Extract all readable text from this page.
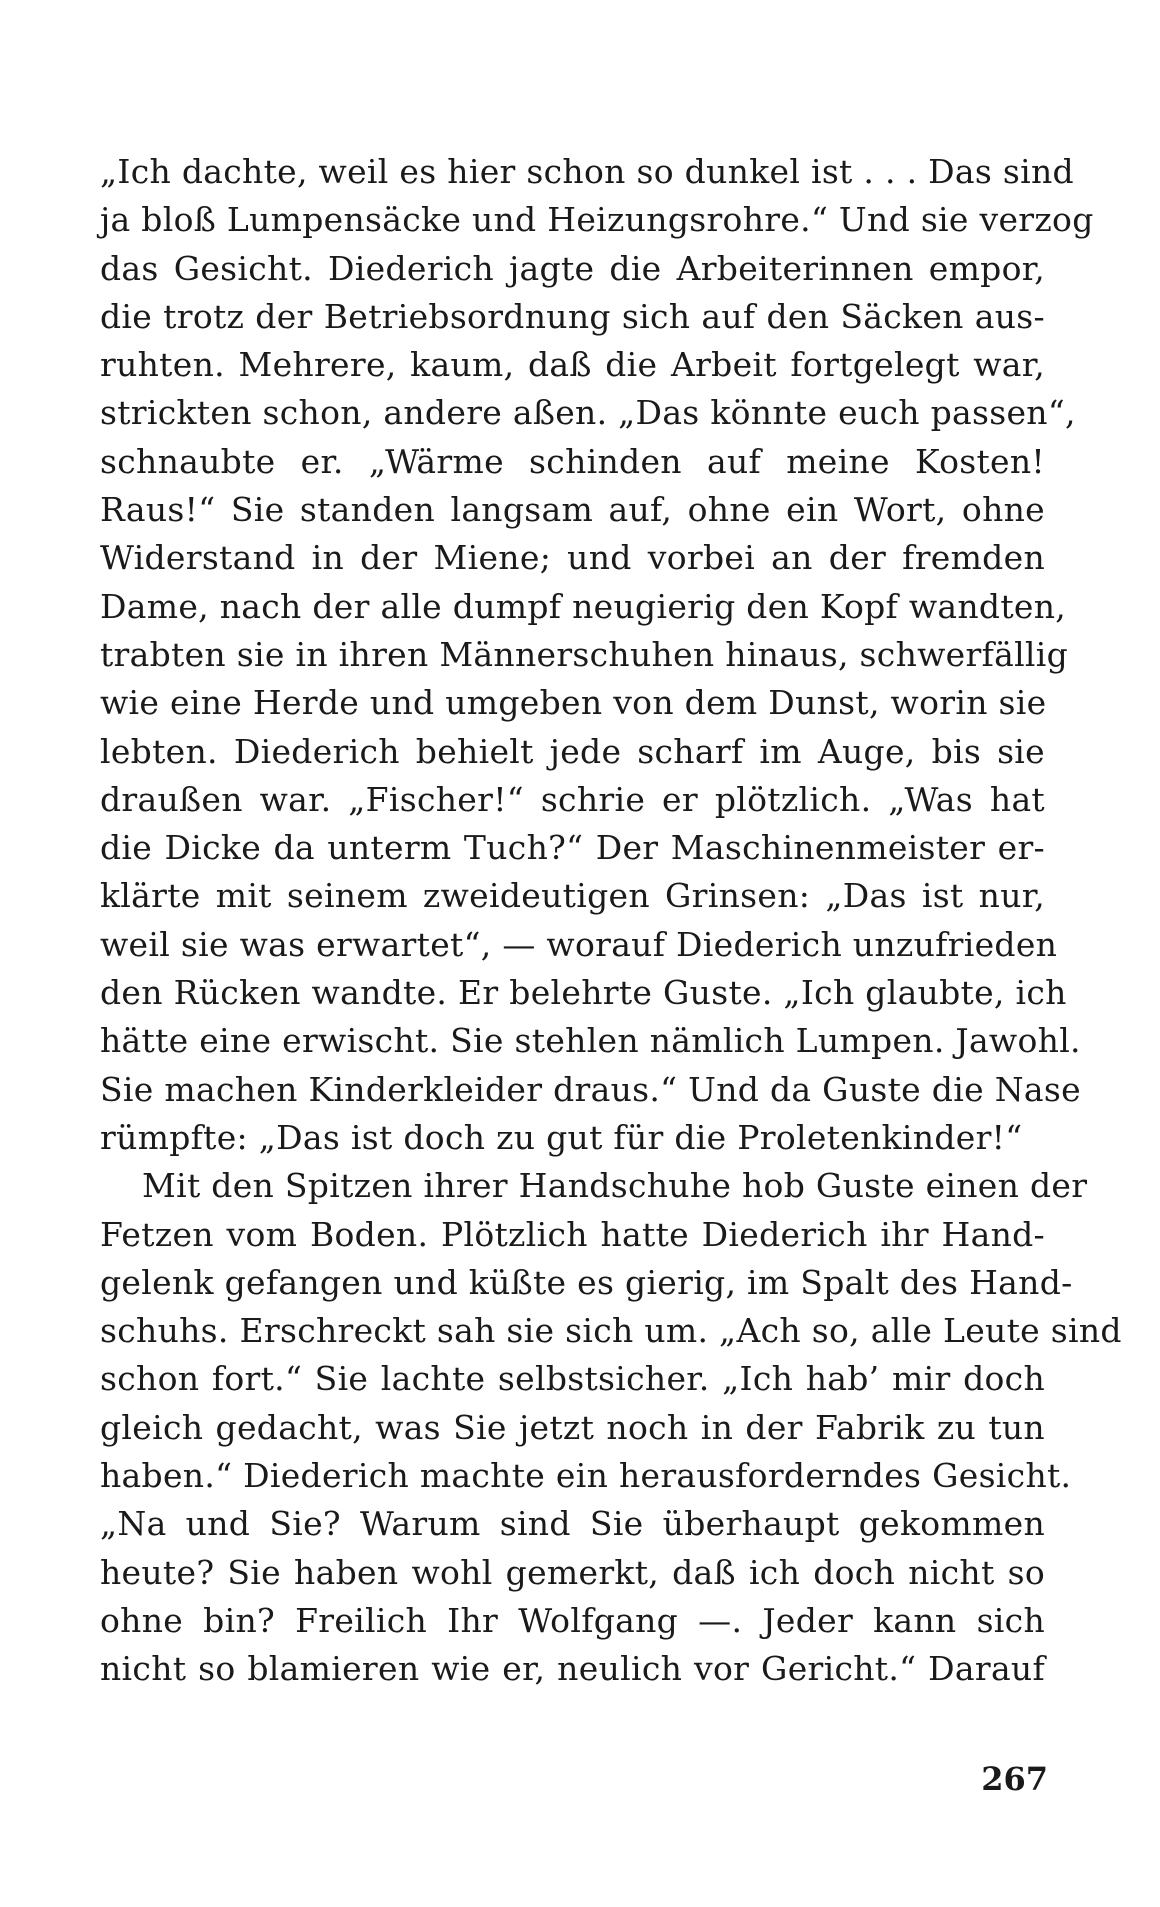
„Ich dachte, weil es hier schon so dunkel ist . . . Das sind
ja bloß Lumpensäcke und Heizungsrohre.“ Und sie verzog
das Gesicht. Diederich jagte die Arbeiterinnen empor,
die trotz der Betriebsordnung sich auf den Säcken aus-
ruhten. Mehrere, kaum, daß die Arbeit fortgelegt war,
strickten schon, andere aßen. „Das könnte euch passen“,
schnaubte er. „Wärme schinden auf meine Kosten!
Raus!“ Sie standen langsam auf, ohne ein Wort, ohne
Widerstand in der Miene; und vorbei an der fremden
Dame, nach der alle dumpf neugierig den Kopf wandten,
trabten sie in ihren Männerschuhen hinaus, schwerfällig
wie eine Herde und umgeben von dem Dunst, worin sie
lebten. Diederich behielt jede scharf im Auge, bis sie
draußen war. „Fischer!“ schrie er plötzlich. „Was hat
die Dicke da unterm Tuch?“ Der Maschinenmeister er-
klärte mit seinem zweideutigen Grinsen: „Das ist nur,
weil sie was erwartet“, — worauf Diederich unzufrieden
den Rücken wandte. Er belehrte Guste. „Ich glaubte, ich
hätte eine erwischt. Sie stehlen nämlich Lumpen. Jawohl.
Sie machen Kinderkleider draus.“ Und da Guste die Nase
rümpfte: „Das ist doch zu gut für die Proletenkinder!“
Mit den Spitzen ihrer Handschuhe hob Guste einen der
Fetzen vom Boden. Plötzlich hatte Diederich ihr Hand-
gelenk gefangen und küßte es gierig, im Spalt des Hand-
schuhs. Erschreckt sah sie sich um. „Ach so, alle Leute sind
schon fort.“ Sie lachte selbstsicher. „Ich hab’ mir doch
gleich gedacht, was Sie jetzt noch in der Fabrik zu tun
haben.“ Diederich machte ein herausforderndes Gesicht.
„Na und Sie? Warum sind Sie überhaupt gekommen
heute? Sie haben wohl gemerkt, daß ich doch nicht so
ohne bin? Freilich Ihr Wolfgang —. Jeder kann sich
nicht so blamieren wie er, neulich vor Gericht.“ Darauf
267
